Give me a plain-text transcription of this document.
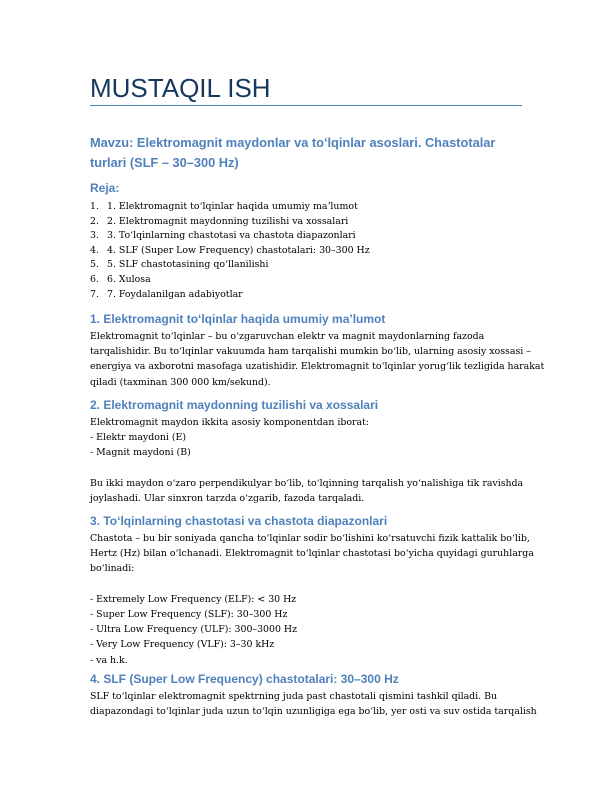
MUSTAQIL ISH
Mavzu: Elektromagnit maydonlar va toʻlqinlar asoslari. Chastotalar turlari (SLF – 30–300 Hz)
Reja:
1. 1. Elektromagnit toʻlqinlar haqida umumiy maʼlumot
2. 2. Elektromagnit maydonning tuzilishi va xossalari
3. 3. Toʻlqinlarning chastotasi va chastota diapazonlari
4. 4. SLF (Super Low Frequency) chastotalari: 30–300 Hz
5. 5. SLF chastotasining qoʻllanilishi
6. 6. Xulosa
7. 7. Foydalanilgan adabiyotlar
1. Elektromagnit toʻlqinlar haqida umumiy maʼlumot
Elektromagnit toʻlqinlar – bu oʻzgaruvchan elektr va magnit maydonlarning fazoda
tarqalishidir. Bu toʻlqinlar vakuumda ham tarqalishi mumkin boʻlib, ularning asosiy xossasi –
energiya va axborotni masofaga uzatishidir. Elektromagnit toʻlqinlar yorugʻlik tezligida harakat
qiladi (taxminan 300 000 km/sekund).
2. Elektromagnit maydonning tuzilishi va xossalari
Elektromagnit maydon ikkita asosiy komponentdan iborat:
- Elektr maydoni (E)
- Magnit maydoni (B)
Bu ikki maydon oʻzaro perpendikulyar boʻlib, toʻlqinning tarqalish yoʻnalishiga tik ravishda
joylashadi. Ular sinxron tarzda oʻzgarib, fazoda tarqaladi.
3. Toʻlqinlarning chastotasi va chastota diapazonlari
Chastota – bu bir soniyada qancha toʻlqinlar sodir boʻlishini koʻrsatuvchi fizik kattalik boʻlib,
Hertz (Hz) bilan oʻlchanadi. Elektromagnit toʻlqinlar chastotasi boʻyicha quyidagi guruhlarga
boʻlinadi:
- Extremely Low Frequency (ELF): < 30 Hz
- Super Low Frequency (SLF): 30–300 Hz
- Ultra Low Frequency (ULF): 300–3000 Hz
- Very Low Frequency (VLF): 3–30 kHz
- va h.k.
4. SLF (Super Low Frequency) chastotalari: 30–300 Hz
SLF toʻlqinlar elektromagnit spektrning juda past chastotali qismini tashkil qiladi. Bu
diapazondagi toʻlqinlar juda uzun toʻlqin uzunligiga ega boʻlib, yer osti va suv ostida tarqalish
